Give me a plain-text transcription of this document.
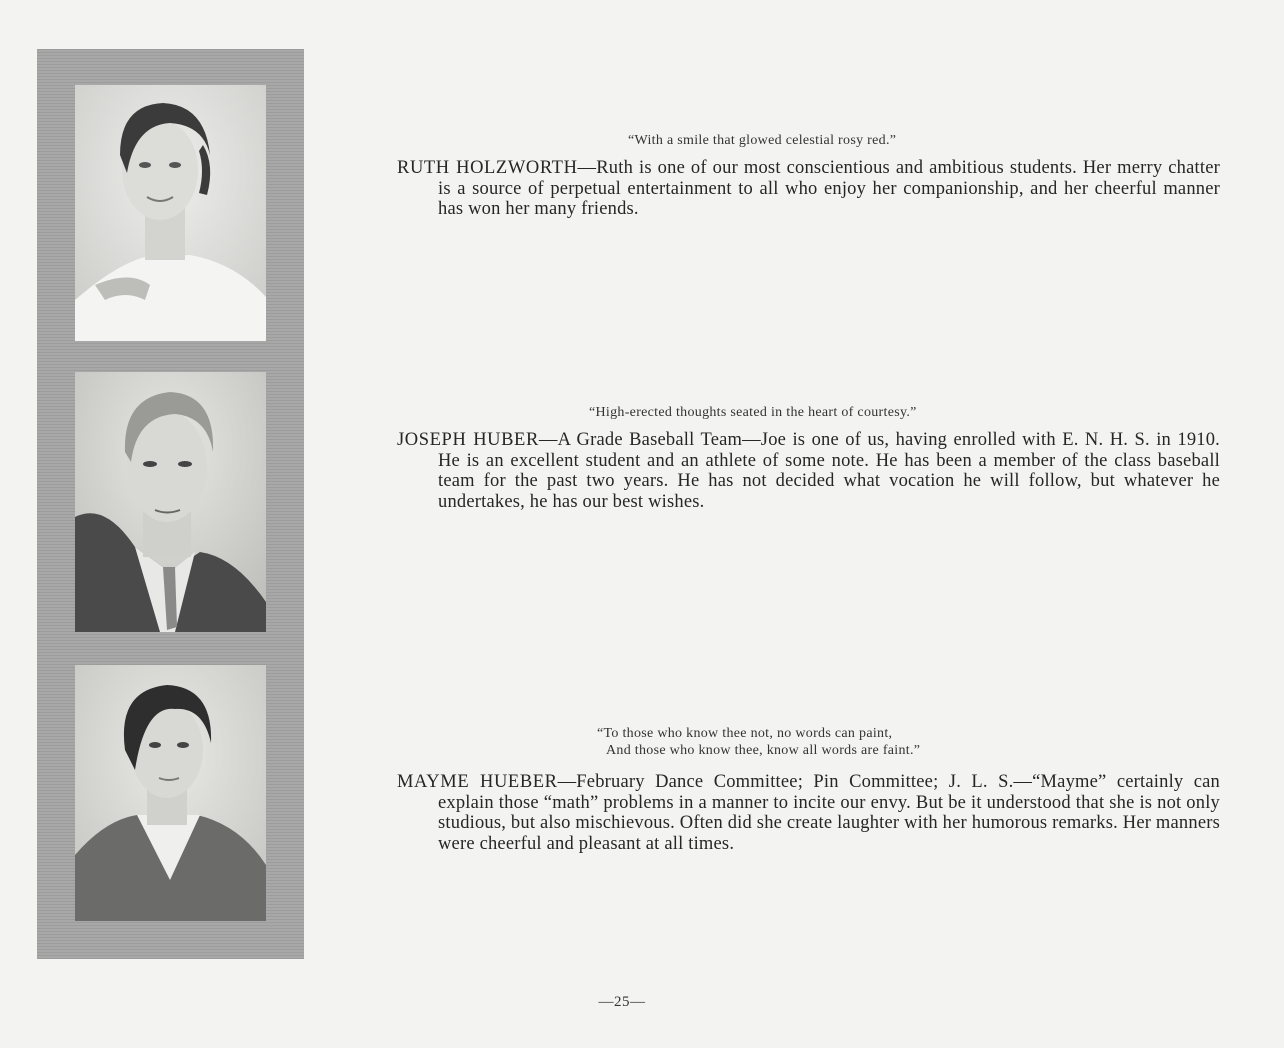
“With a smile that glowed celestial rosy red.”
RUTH HOLZWORTH—Ruth is one of our most conscientious and ambitious students. Her merry chatter is a source of perpetual entertainment to all who enjoy her companionship, and her cheerful manner has won her many friends.
“High-erected thoughts seated in the heart of courtesy.”
JOSEPH HUBER—A Grade Baseball Team—Joe is one of us, having enrolled with E. N. H. S. in 1910. He is an excellent student and an athlete of some note. He has been a member of the class baseball team for the past two years. He has not decided what vocation he will follow, but whatever he undertakes, he has our best wishes.
“To those who know thee not, no words can paint,
And those who know thee, know all words are faint.”
MAYME HUEBER—February Dance Committee; Pin Committee; J. L. S.—“Mayme” certainly can explain those “math” problems in a manner to incite our envy. But be it understood that she is not only studious, but also mischievous. Often did she create laughter with her humorous remarks. Her manners were cheerful and pleasant at all times.
—25—
